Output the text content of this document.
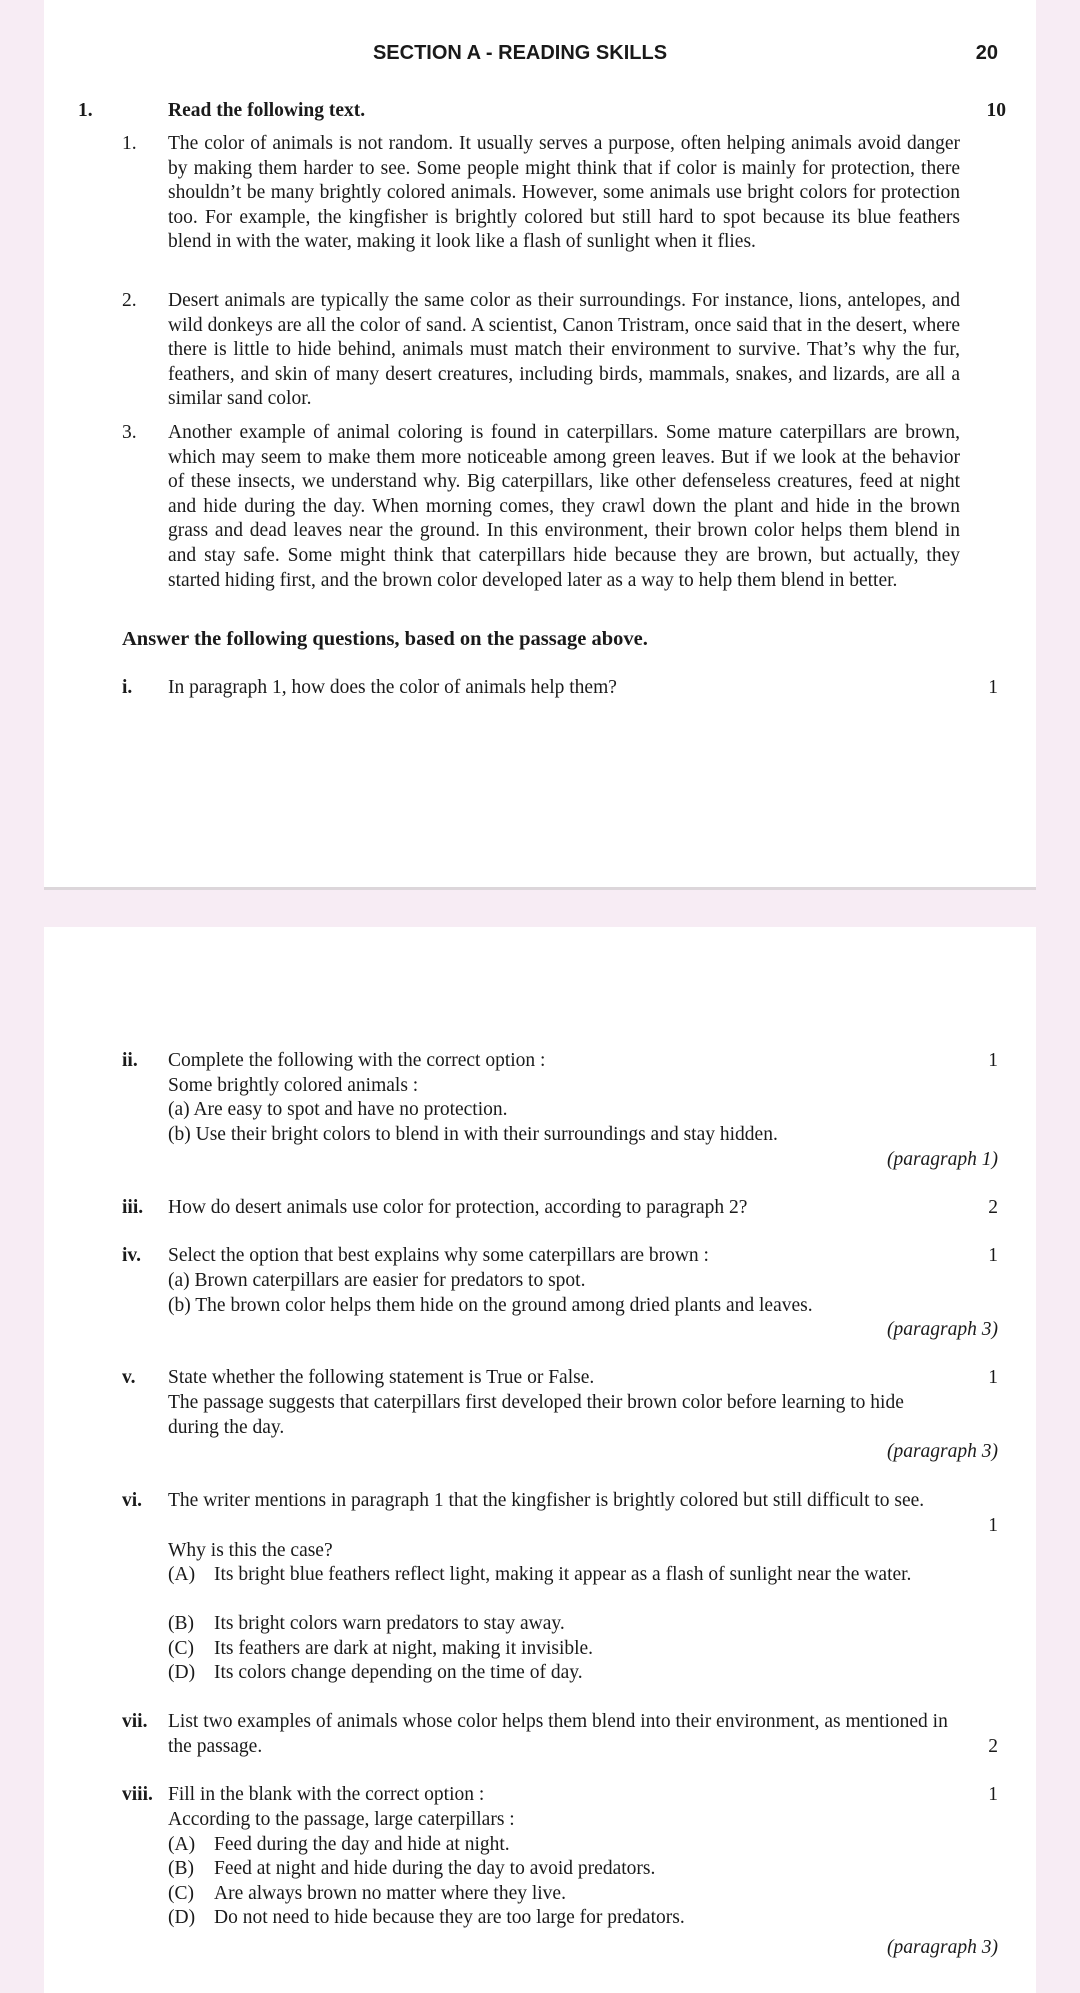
SECTION A - READING SKILLS	20
1.	Read the following text.	10
1. The color of animals is not random. It usually serves a purpose, often helping animals avoid danger by making them harder to see. Some people might think that if color is mainly for protection, there shouldn’t be many brightly colored animals. However, some animals use bright colors for protection too. For example, the kingfisher is brightly colored but still hard to spot because its blue feathers blend in with the water, making it look like a flash of sunlight when it flies.
2. Desert animals are typically the same color as their surroundings. For instance, lions, antelopes, and wild donkeys are all the color of sand. A scientist, Canon Tristram, once said that in the desert, where there is little to hide behind, animals must match their environment to survive. That’s why the fur, feathers, and skin of many desert creatures, including birds, mammals, snakes, and lizards, are all a similar sand color.
3. Another example of animal coloring is found in caterpillars. Some mature caterpillars are brown, which may seem to make them more noticeable among green leaves. But if we look at the behavior of these insects, we understand why. Big caterpillars, like other defenseless creatures, feed at night and hide during the day. When morning comes, they crawl down the plant and hide in the brown grass and dead leaves near the ground. In this environment, their brown color helps them blend in and stay safe. Some might think that caterpillars hide because they are brown, but actually, they started hiding first, and the brown color developed later as a way to help them blend in better.
Answer the following questions, based on the passage above.
i. In paragraph 1, how does the color of animals help them?	1
ii. Complete the following with the correct option :	1
Some brightly colored animals :
(a) Are easy to spot and have no protection.
(b) Use their bright colors to blend in with their surroundings and stay hidden.
(paragraph 1)
iii. How do desert animals use color for protection, according to paragraph 2?	2
iv. Select the option that best explains why some caterpillars are brown :	1
(a) Brown caterpillars are easier for predators to spot.
(b) The brown color helps them hide on the ground among dried plants and leaves.
(paragraph 3)
v. State whether the following statement is True or False.	1
The passage suggests that caterpillars first developed their brown color before learning to hide during the day.
(paragraph 3)
vi. The writer mentions in paragraph 1 that the kingfisher is brightly colored but still difficult to see.
1
Why is this the case?
(A) Its bright blue feathers reflect light, making it appear as a flash of sunlight near the water.
(B)	Its bright colors warn predators to stay away.
(C)	Its feathers are dark at night, making it invisible.
(D) Its colors change depending on the time of day.
vii. List two examples of animals whose color helps them blend into their environment, as mentioned in the passage.	2
viii. Fill in the blank with the correct option :	1
According to the passage, large caterpillars :
(A) Feed during the day and hide at night.
(B)	Feed at night and hide during the day to avoid predators.
(C)	Are always brown no matter where they live.
(D) Do not need to hide because they are too large for predators.
(paragraph 3)
